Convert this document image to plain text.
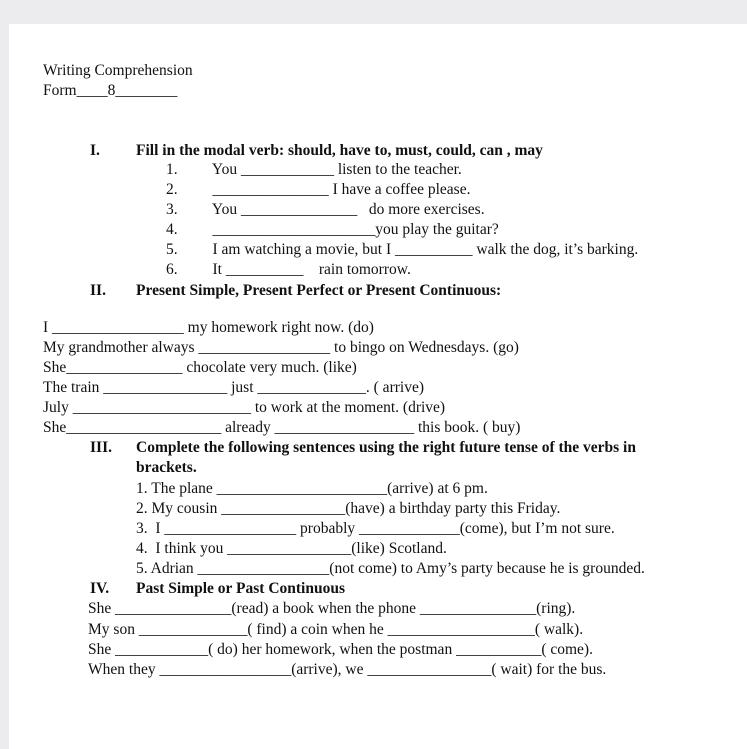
Writing Comprehension
Form____8________
I. Fill in the modal verb: should, have to, must, could, can , may
1.         You ____________ listen to the teacher.
2.         _______________ I have a coffee please.
3.         You _______________   do more exercises.
4.         _____________________you play the guitar?
5.         I am watching a movie, but I __________ walk the dog, it’s barking.
6.         It __________    rain tomorrow.
II. Present Simple, Present Perfect or Present Continuous:
I _________________ my homework right now. (do)
My grandmother always _________________ to bingo on Wednesdays. (go)
She_______________ chocolate very much. (like)
The train ________________ just ______________. ( arrive)
July _______________________ to work at the moment. (drive)
She____________________ already __________________ this book. ( buy)
III. Complete the following sentences using the right future tense of the verbs in
brackets.
1. The plane ______________________(arrive) at 6 pm.
2. My cousin ________________(have) a birthday party this Friday.
3.  I _________________ probably _____________(come), but I’m not sure.
4.  I think you ________________(like) Scotland.
5. Adrian _________________(not come) to Amy’s party because he is grounded.
IV. Past Simple or Past Continuous
She _______________(read) a book when the phone _______________(ring).
My son ______________( find) a coin when he ___________________( walk).
She ____________( do) her homework, when the postman ___________( come).
When they _________________(arrive), we ________________( wait) for the bus.
